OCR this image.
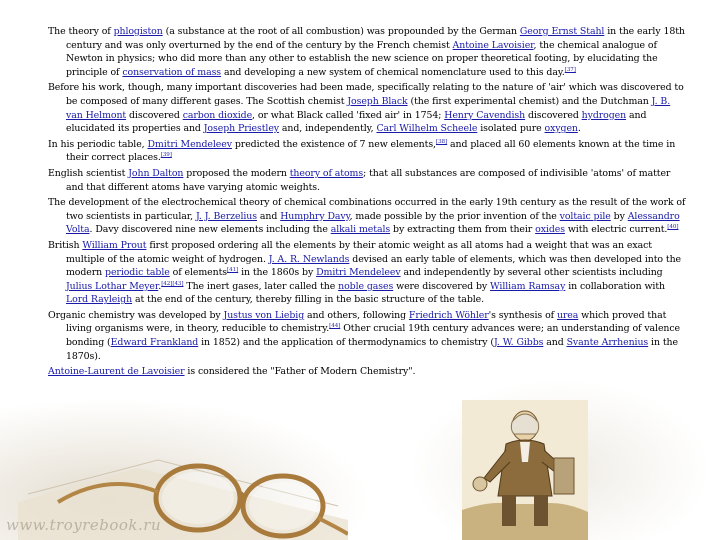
The theory of phlogiston (a substance at the root of all combustion) was propounded by the German Georg Ernst Stahl in the early 18th century and was only overturned by the end of the century by the French chemist Antoine Lavoisier, the chemical analogue of Newton in physics; who did more than any other to establish the new science on proper theoretical footing, by elucidating the principle of conservation of mass and developing a new system of chemical nomenclature used to this day.[37]

Before his work, though, many important discoveries had been made, specifically relating to the nature of 'air' which was discovered to be composed of many different gases. The Scottish chemist Joseph Black (the first experimental chemist) and the Dutchman J. B. van Helmont discovered carbon dioxide, or what Black called 'fixed air' in 1754; Henry Cavendish discovered hydrogen and elucidated its properties and Joseph Priestley and, independently, Carl Wilhelm Scheele isolated pure oxygen.

In his periodic table, Dmitri Mendeleev predicted the existence of 7 new elements,[38] and placed all 60 elements known at the time in their correct places.[39]

English scientist John Dalton proposed the modern theory of atoms; that all substances are composed of indivisible 'atoms' of matter and that different atoms have varying atomic weights.

The development of the electrochemical theory of chemical combinations occurred in the early 19th century as the result of the work of two scientists in particular, J. J. Berzelius and Humphry Davy, made possible by the prior invention of the voltaic pile by Alessandro Volta. Davy discovered nine new elements including the alkali metals by extracting them from their oxides with electric current.[40]

British William Prout first proposed ordering all the elements by their atomic weight as all atoms had a weight that was an exact multiple of the atomic weight of hydrogen. J. A. R. Newlands devised an early table of elements, which was then developed into the modern periodic table of elements[41] in the 1860s by Dmitri Mendeleev and independently by several other scientists including Julius Lothar Meyer.[42][43] The inert gases, later called the noble gases were discovered by William Ramsay in collaboration with Lord Rayleigh at the end of the century, thereby filling in the basic structure of the table.

Organic chemistry was developed by Justus von Liebig and others, following Friedrich Wöhler's synthesis of urea which proved that living organisms were, in theory, reducible to chemistry.[44] Other crucial 19th century advances were; an understanding of valence bonding (Edward Frankland in 1852) and the application of thermodynamics to chemistry (J. W. Gibbs and Svante Arrhenius in the 1870s).

Antoine-Laurent de Lavoisier is considered the "Father of Modern Chemistry".

www.troyrebook.ru
